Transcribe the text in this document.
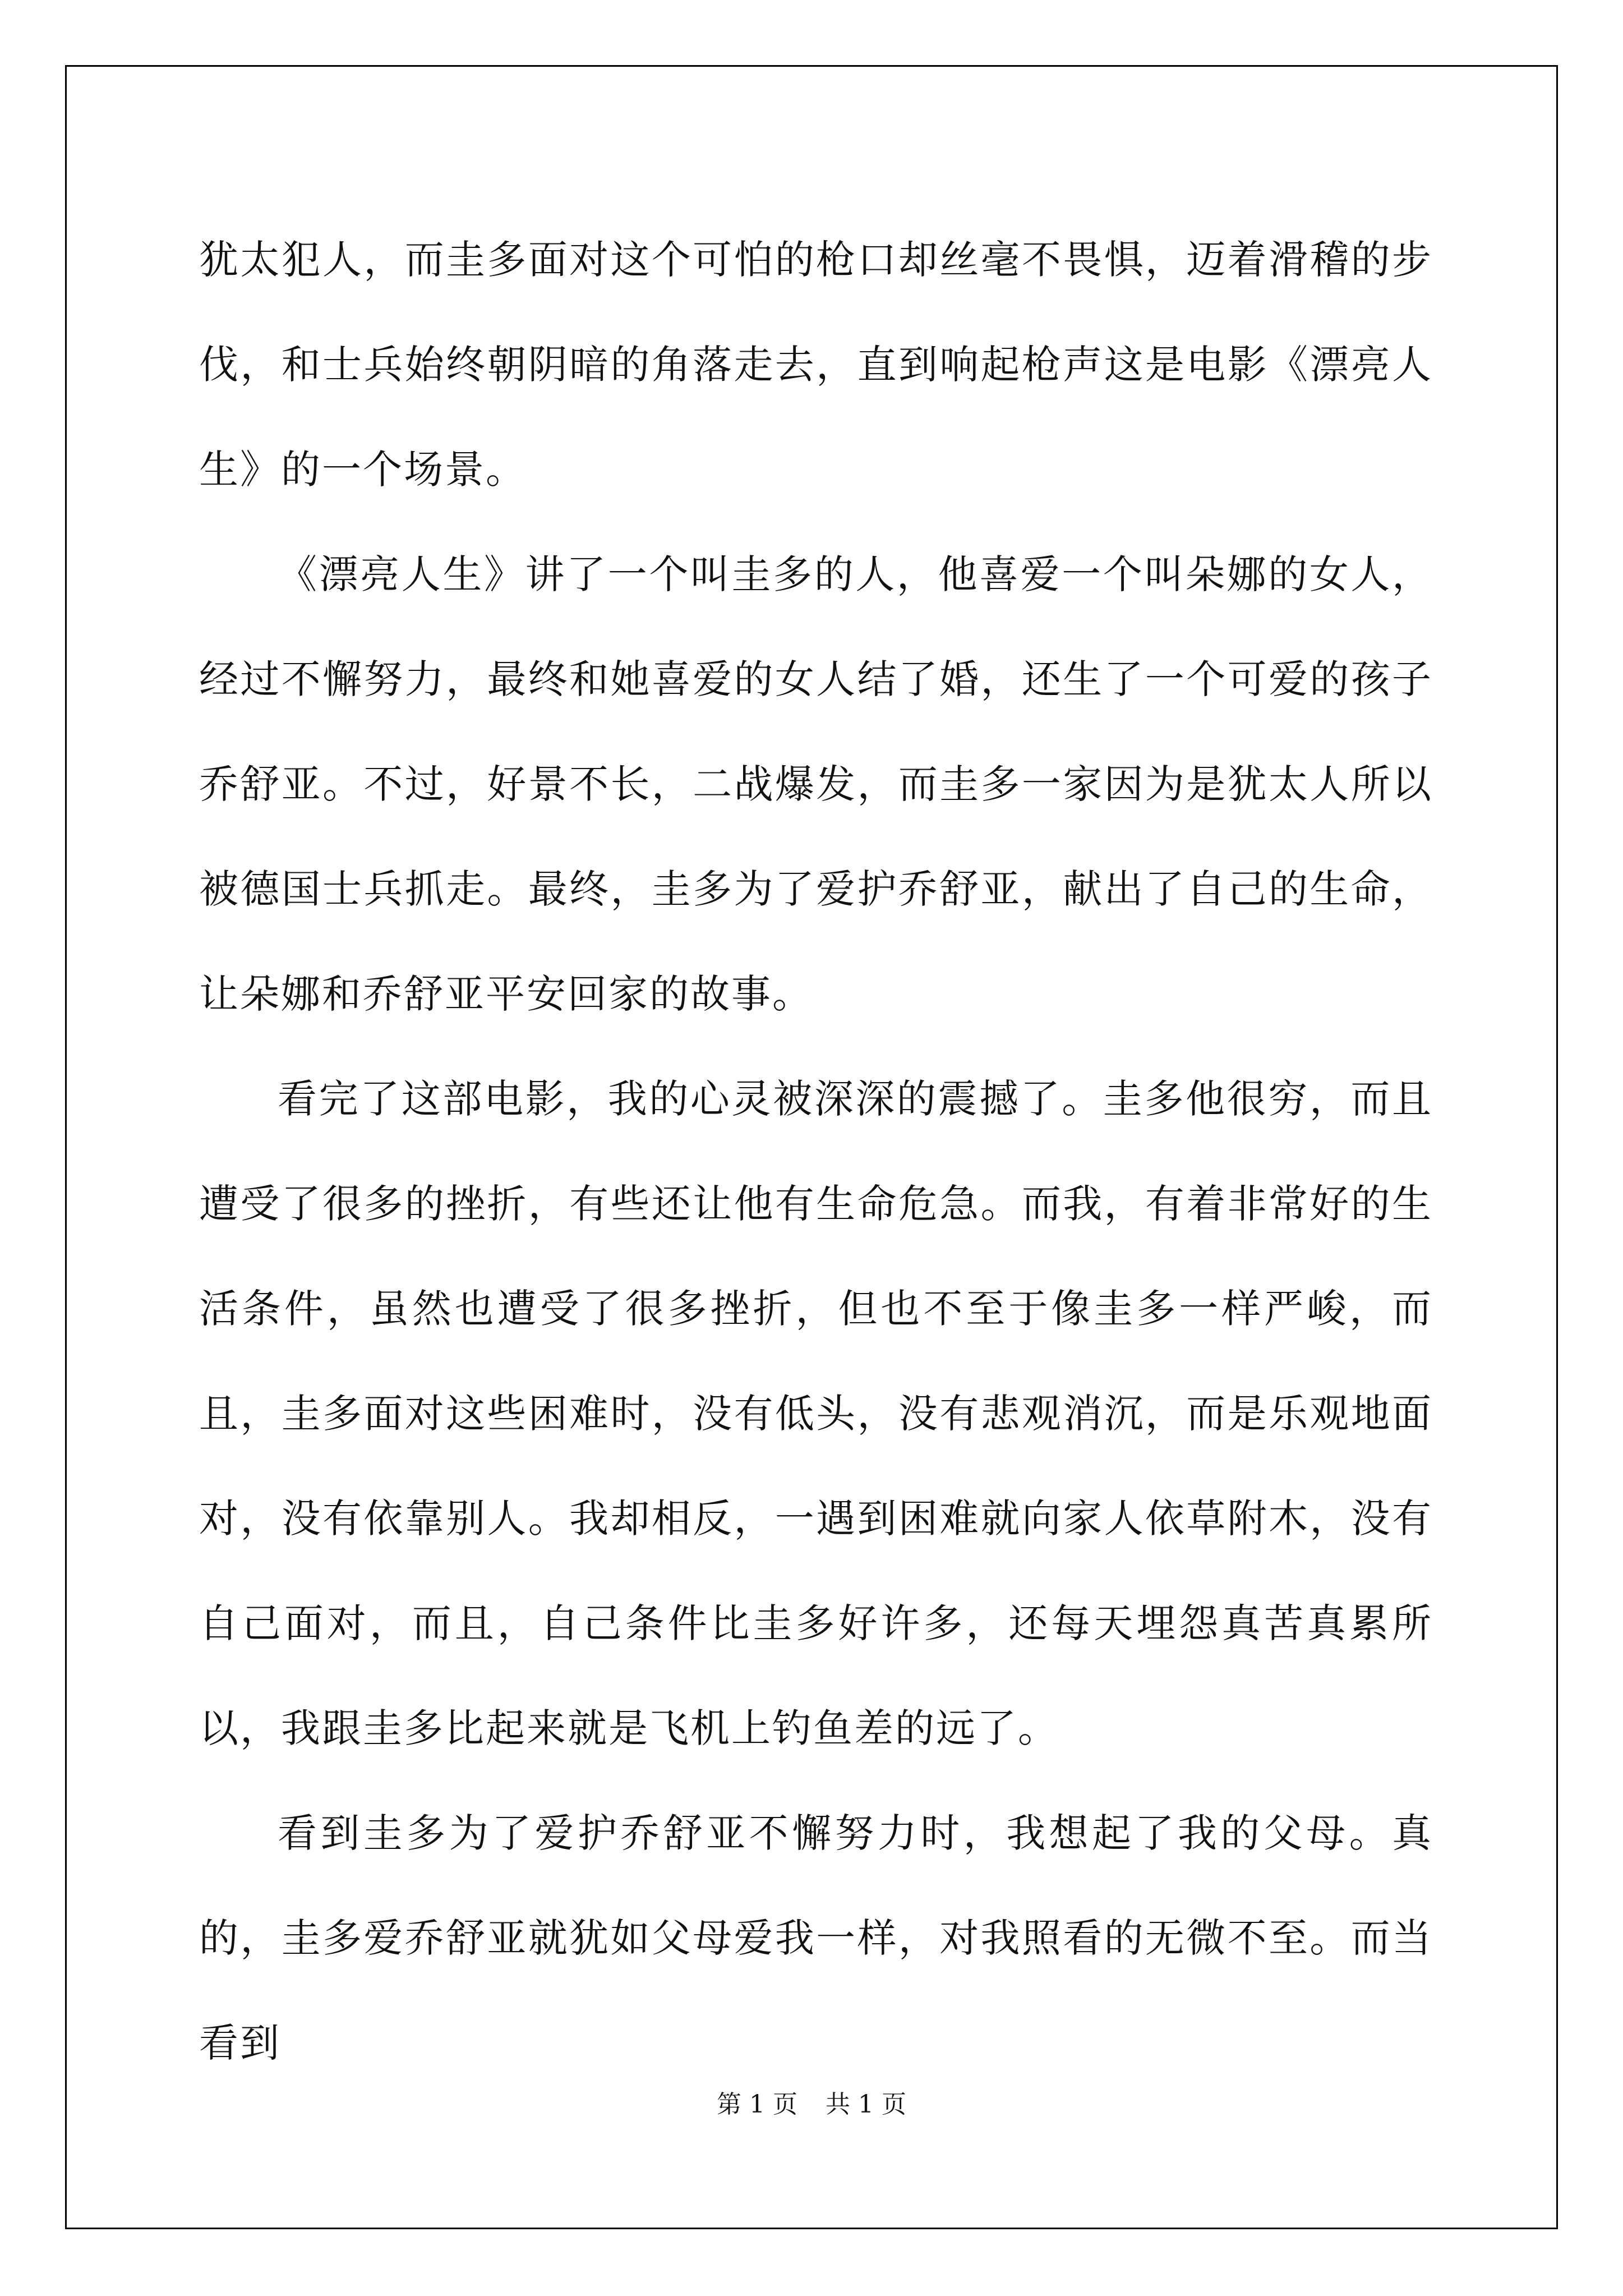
犹太犯人，而圭多面对这个可怕的枪口却丝毫不畏惧，迈着滑稽的步伐，和士兵始终朝阴暗的角落走去，直到响起枪声这是电影《漂亮人生》的一个场景。

《漂亮人生》讲了一个叫圭多的人，他喜爱一个叫朵娜的女人，经过不懈努力，最终和她喜爱的女人结了婚，还生了一个可爱的孩子乔舒亚。不过，好景不长，二战爆发，而圭多一家因为是犹太人所以被德国士兵抓走。最终，圭多为了爱护乔舒亚，献出了自己的生命，让朵娜和乔舒亚平安回家的故事。

看完了这部电影，我的心灵被深深的震撼了。圭多他很穷，而且遭受了很多的挫折，有些还让他有生命危急。而我，有着非常好的生活条件，虽然也遭受了很多挫折，但也不至于像圭多一样严峻，而且，圭多面对这些困难时，没有低头，没有悲观消沉，而是乐观地面对，没有依靠别人。我却相反，一遇到困难就向家人依草附木，没有自己面对，而且，自己条件比圭多好许多，还每天埋怨真苦真累所以，我跟圭多比起来就是飞机上钓鱼差的远了。

看到圭多为了爱护乔舒亚不懈努力时，我想起了我的父母。真的，圭多爱乔舒亚就犹如父母爱我一样，对我照看的无微不至。而当看到

第 1 页 共 1 页
